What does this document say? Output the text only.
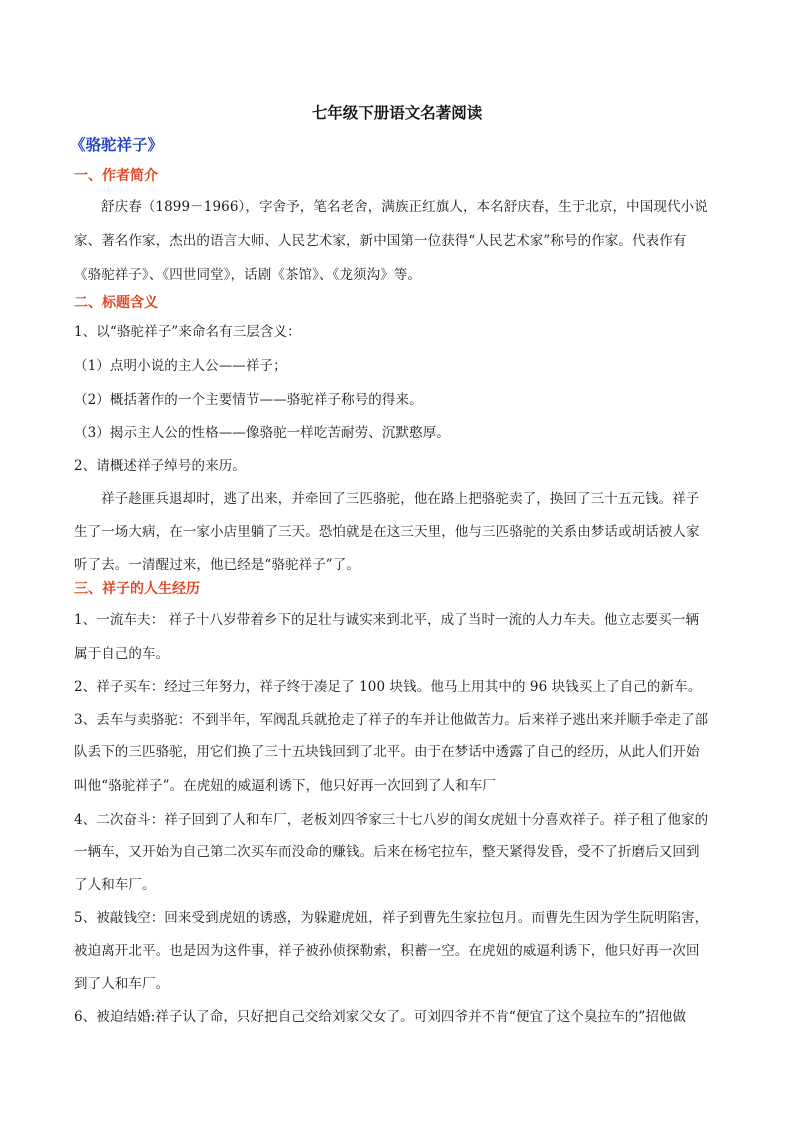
七年级下册语文名著阅读
《骆驼祥子》
一、作者简介
舒庆春（1899－1966），字舍予，笔名老舍，满族正红旗人，本名舒庆春，生于北京，中国现代小说
家、著名作家，杰出的语言大师、人民艺术家，新中国第一位获得“人民艺术家”称号的作家。代表作有
《骆驼祥子》、《四世同堂》，话剧《茶馆》、《龙须沟》等。
二、标题含义
1、以“骆驼祥子”来命名有三层含义：
（1）点明小说的主人公——祥子；
（2）概括著作的一个主要情节——骆驼祥子称号的得来。
（3）揭示主人公的性格——像骆驼一样吃苦耐劳、沉默憨厚。
2、请概述祥子绰号的来历。
祥子趁匪兵退却时，逃了出来，并牵回了三匹骆驼，他在路上把骆驼卖了，换回了三十五元钱。祥子
生了一场大病，在一家小店里躺了三天。恐怕就是在这三天里，他与三匹骆驼的关系由梦话或胡话被人家
听了去。一清醒过来，他已经是“骆驼祥子”了。
三、祥子的人生经历
1、一流车夫： 祥子十八岁带着乡下的足壮与诚实来到北平，成了当时一流的人力车夫。他立志要买一辆
属于自己的车。
2、祥子买车：经过三年努力，祥子终于凑足了 100 块钱。他马上用其中的 96 块钱买上了自己的新车。
3、丢车与卖骆驼：不到半年，军阀乱兵就抢走了祥子的车并让他做苦力。后来祥子逃出来并顺手牵走了部
队丢下的三匹骆驼，用它们换了三十五块钱回到了北平。由于在梦话中透露了自己的经历，从此人们开始
叫他“骆驼祥子”。在虎妞的威逼利诱下，他只好再一次回到了人和车厂
4、二次奋斗：祥子回到了人和车厂，老板刘四爷家三十七八岁的闺女虎妞十分喜欢祥子。祥子租了他家的
一辆车，又开始为自己第二次买车而没命的赚钱。后来在杨宅拉车，整天紧得发昏，受不了折磨后又回到
了人和车厂。
5、被敲钱空：回来受到虎妞的诱惑，为躲避虎妞，祥子到曹先生家拉包月。而曹先生因为学生阮明陷害，
被迫离开北平。也是因为这件事，祥子被孙侦探勒索，积蓄一空。在虎妞的威逼利诱下，他只好再一次回
到了人和车厂。
6、被迫结婚:祥子认了命，只好把自己交给刘家父女了。可刘四爷并不肯“便宜了这个臭拉车的”招他做
